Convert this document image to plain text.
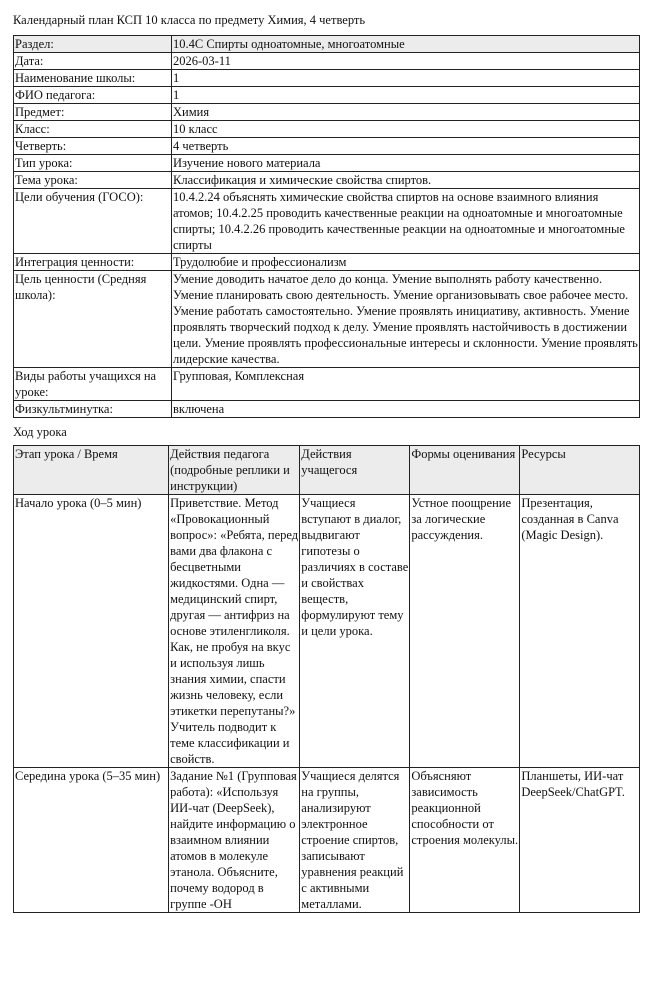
Календарный план КСП 10 класса по предмету Химия, 4 четверть
Раздел:	10.4С Спирты одноатомные, многоатомные
Дата:	2026-03-11
Наименование школы:	1
ФИО педагога:	1
Предмет:	Химия
Класс:	10 класс
Четверть:	4 четверть
Тип урока:	Изучение нового материала
Тема урока:	Классификация и химические свойства спиртов.
Цели обучения (ГОСО):	10.4.2.24 объяснять химические свойства спиртов на основе взаимного влияния атомов; 10.4.2.25 проводить качественные реакции на одноатомные и многоатомные спирты; 10.4.2.26 проводить качественные реакции на одноатомные и многоатомные спирты
Интеграция ценности:	Трудолюбие и профессионализм
Цель ценности (Средняя школа):	Умение доводить начатое дело до конца. Умение выполнять работу качественно. Умение планировать свою деятельность. Умение организовывать свое рабочее место. Умение работать самостоятельно. Умение проявлять инициативу, активность. Умение проявлять творческий подход к делу. Умение проявлять настойчивость в достижении цели. Умение проявлять профессиональные интересы и склонности. Умение проявлять лидерские качества.
Виды работы учащихся на уроке:	Групповая, Комплексная
Физкультминутка:	включена
Ход урока
Этап урока / Время	Действия педагога (подробные реплики и инструкции)	Действия учащегося	Формы оценивания	Ресурсы
Начало урока (0–5 мин)	Приветствие. Метод «Провокационный вопрос»: «Ребята, перед вами два флакона с бесцветными жидкостями. Одна — медицинский спирт, другая — антифриз на основе этиленгликоля. Как, не пробуя на вкус и используя лишь знания химии, спасти жизнь человеку, если этикетки перепутаны?» Учитель подводит к теме классификации и свойств.	Учащиеся вступают в диалог, выдвигают гипотезы о различиях в составе и свойствах веществ, формулируют тему и цели урока.	Устное поощрение за логические рассуждения.	Презентация, созданная в Canva (Magic Design).
Середина урока (5–35 мин)	Задание №1 (Групповая работа): «Используя ИИ-чат (DeepSeek), найдите информацию о взаимном влиянии атомов в молекуле этанола. Объясните, почему водород в группе -OH	Учащиеся делятся на группы, анализируют электронное строение спиртов, записывают уравнения реакций с активными металлами.	Объясняют зависимость реакционной способности от строения молекулы.	Планшеты, ИИ-чат DeepSeek/ChatGPT.
